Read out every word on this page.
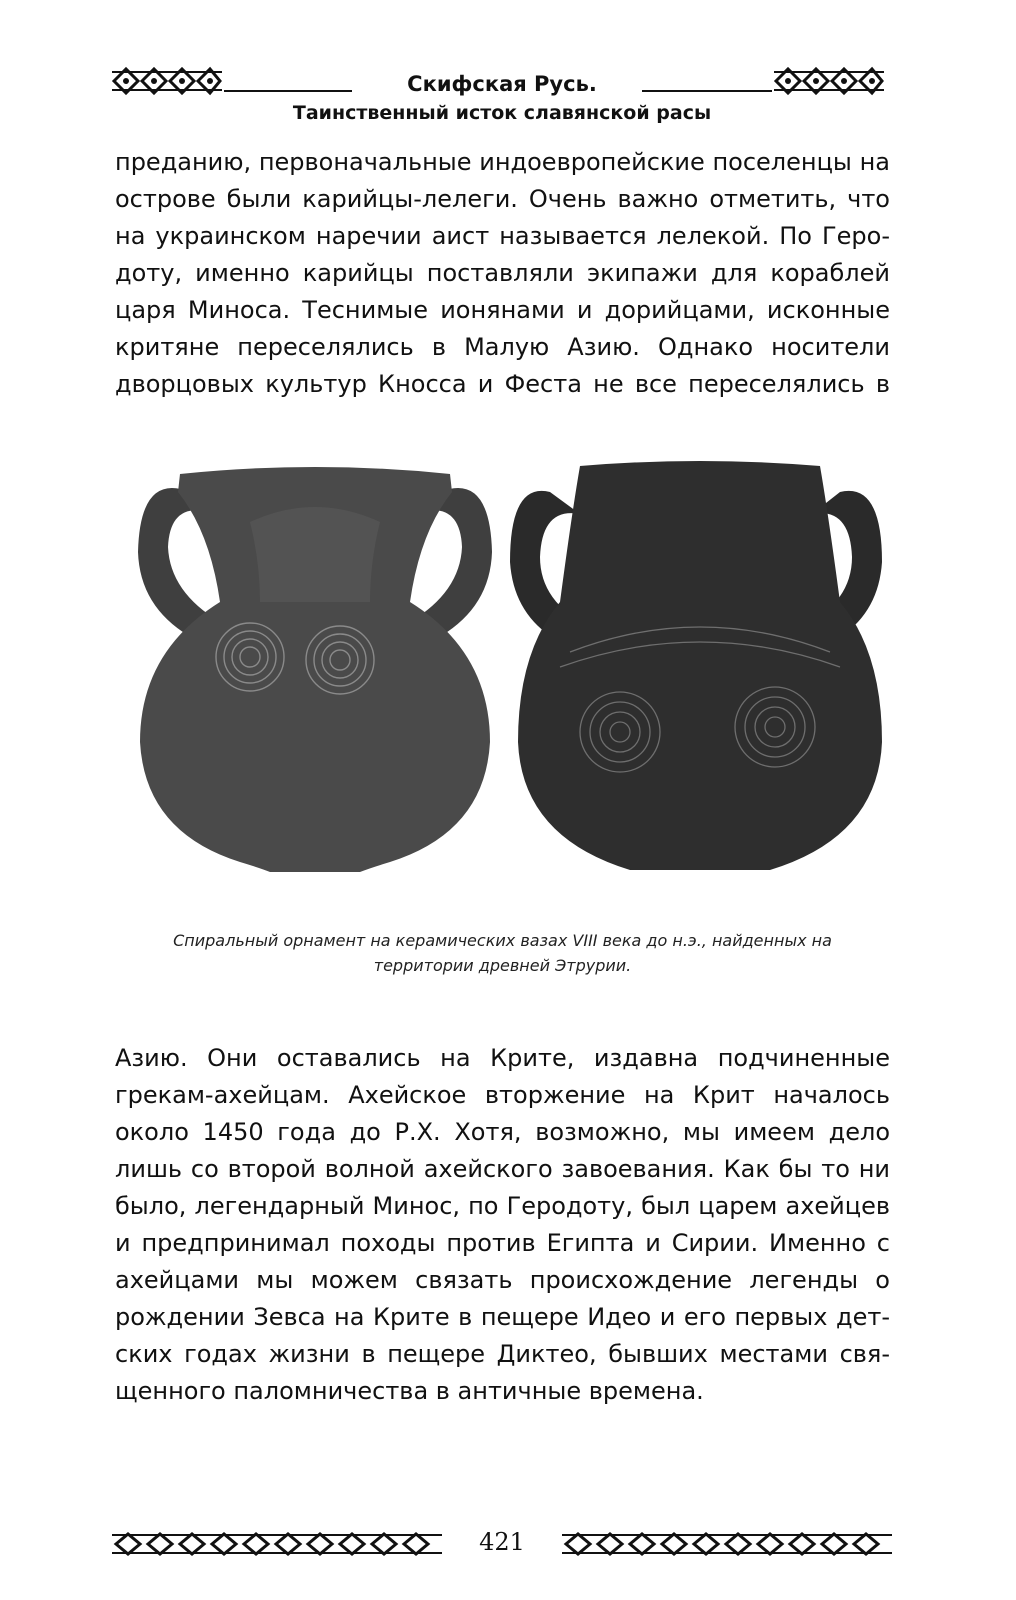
Скифская Русь.
Таинственный исток славянской расы
преданию, первоначальные индоевропейские поселенцы на
острове были карийцы-лелеги. Очень важно отметить, что
на украинском наречии аист называется лелекой. По Геро-
доту, именно карийцы поставляли экипажи для кораблей
царя Миноса. Теснимые ионянами и дорийцами, исконные
критяне переселялись в Малую Азию. Однако носители
дворцовых культур Кносса и Феста не все переселялись в
Спиральный орнамент на керамических вазах VIII века до н.э., найденных на
территории древней Этрурии.
Азию. Они оставались на Крите, издавна подчиненные
грекам-ахейцам. Ахейское вторжение на Крит началось
около 1450 года до Р.Х. Хотя, возможно, мы имеем дело
лишь со второй волной ахейского завоевания. Как бы то ни
было, легендарный Минос, по Геродоту, был царем ахейцев
и предпринимал походы против Египта и Сирии. Именно с
ахейцами мы можем связать происхождение легенды о
рождении Зевса на Крите в пещере Идео и его первых дет-
ских годах жизни в пещере Диктео, бывших местами свя-
щенного паломничества в античные времена.
421
